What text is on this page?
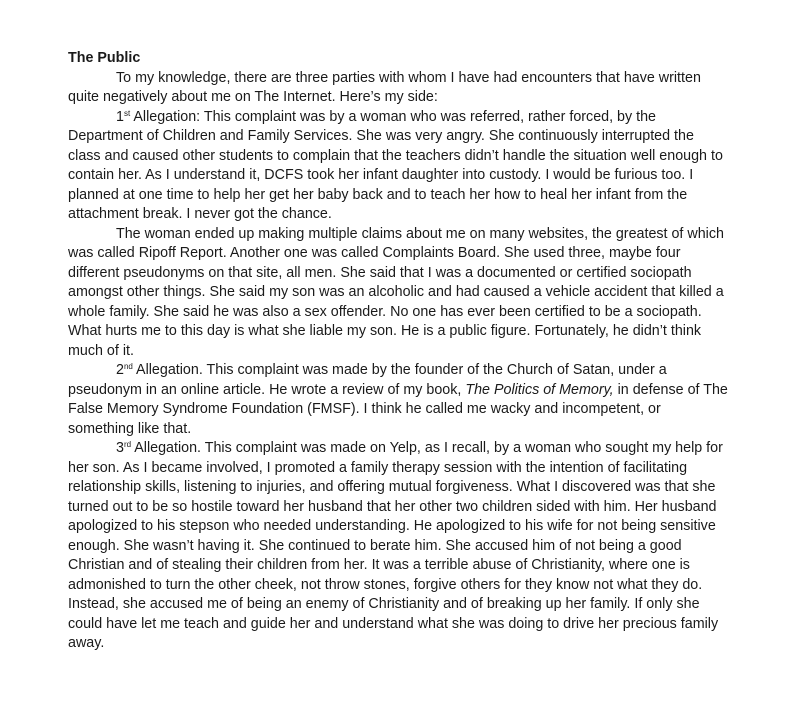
The Public

To my knowledge, there are three parties with whom I have had encounters that have written quite negatively about me on The Internet. Here’s my side:

1st Allegation: This complaint was by a woman who was referred, rather forced, by the Department of Children and Family Services. She was very angry. She continuously interrupted the class and caused other students to complain that the teachers didn’t handle the situation well enough to contain her. As I understand it, DCFS took her infant daughter into custody. I would be furious too. I planned at one time to help her get her baby back and to teach her how to heal her infant from the attachment break. I never got the chance.

The woman ended up making multiple claims about me on many websites, the greatest of which was called Ripoff Report. Another one was called Complaints Board. She used three, maybe four different pseudonyms on that site, all men. She said that I was a documented or certified sociopath amongst other things. She said my son was an alcoholic and had caused a vehicle accident that killed a whole family. She said he was also a sex offender. No one has ever been certified to be a sociopath. What hurts me to this day is what she liable my son. He is a public figure. Fortunately, he didn’t think much of it.

2nd Allegation. This complaint was made by the founder of the Church of Satan, under a pseudonym in an online article. He wrote a review of my book, The Politics of Memory, in defense of The False Memory Syndrome Foundation (FMSF). I think he called me wacky and incompetent, or something like that.

3rd Allegation. This complaint was made on Yelp, as I recall, by a woman who sought my help for her son. As I became involved, I promoted a family therapy session with the intention of facilitating relationship skills, listening to injuries, and offering mutual forgiveness. What I discovered was that she turned out to be so hostile toward her husband that her other two children sided with him. Her husband apologized to his stepson who needed understanding. He apologized to his wife for not being sensitive enough. She wasn’t having it. She continued to berate him. She accused him of not being a good Christian and of stealing their children from her. It was a terrible abuse of Christianity, where one is admonished to turn the other cheek, not throw stones, forgive others for they know not what they do. Instead, she accused me of being an enemy of Christianity and of breaking up her family. If only she could have let me teach and guide her and understand what she was doing to drive her precious family away.
